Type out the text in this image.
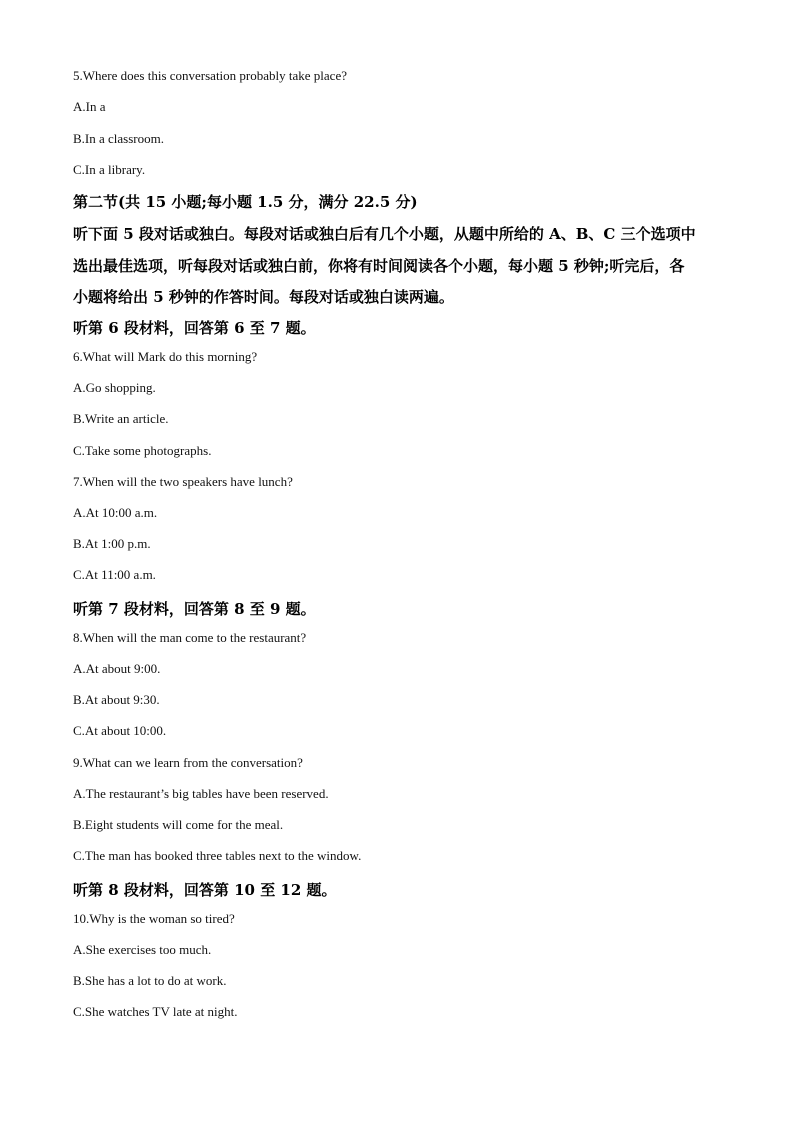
5.Where does this conversation probably take place?
A.In a
B.In a classroom.
C.In a library.
第二节(共 15 小题;每小题 1.5 分，满分 22.5 分)
听下面 5 段对话或独白。每段对话或独白后有几个小题，从题中所给的 A、B、C 三个选项中
选出最佳选项，听每段对话或独白前，你将有时间阅读各个小题，每小题 5 秒钟;听完后，各
小题将给出 5 秒钟的作答时间。每段对话或独白读两遍。
听第 6 段材料，回答第 6 至 7 题。
6.What will Mark do this morning?
A.Go shopping.
B.Write an article.
C.Take some photographs.
7.When will the two speakers have lunch?
A.At 10:00 a.m.
B.At 1:00 p.m.
C.At 11:00 a.m.
听第 7 段材料，回答第 8 至 9 题。
8.When will the man come to the restaurant?
A.At about 9:00.
B.At about 9:30.
C.At about 10:00.
9.What can we learn from the conversation?
A.The restaurant’s big tables have been reserved.
B.Eight students will come for the meal.
C.The man has booked three tables next to the window.
听第 8 段材料，回答第 10 至 12 题。
10.Why is the woman so tired?
A.She exercises too much.
B.She has a lot to do at work.
C.She watches TV late at night.
